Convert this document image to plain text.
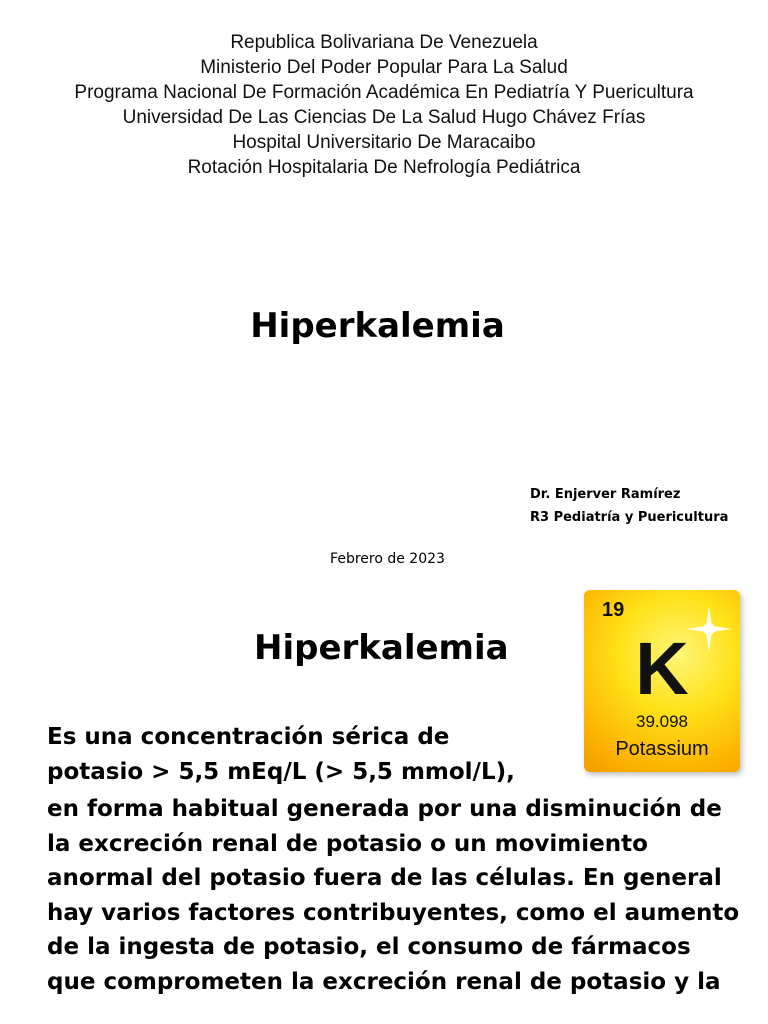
Republica Bolivariana De Venezuela
Ministerio Del Poder Popular Para La Salud
Programa Nacional De Formación Académica En Pediatría Y Puericultura
Universidad De Las Ciencias De La Salud Hugo Chávez Frías
Hospital Universitario De Maracaibo
Rotación Hospitalaria De Nefrología Pediátrica
Hiperkalemia
Dr. Enjerver Ramírez
R3 Pediatría y Puericultura
Febrero de 2023
19
K
39.098
Potassium
Hiperkalemia

Es una concentración sérica de

potasio > 5,5 mEq/L (> 5,5 mmol/L),

en forma habitual generada por una disminución de

la excreción renal de potasio o un movimiento

anormal del potasio fuera de las células. En general

hay varios factores contribuyentes, como el aumento

de la ingesta de potasio, el consumo de fármacos

que comprometen la excreción renal de potasio y la
